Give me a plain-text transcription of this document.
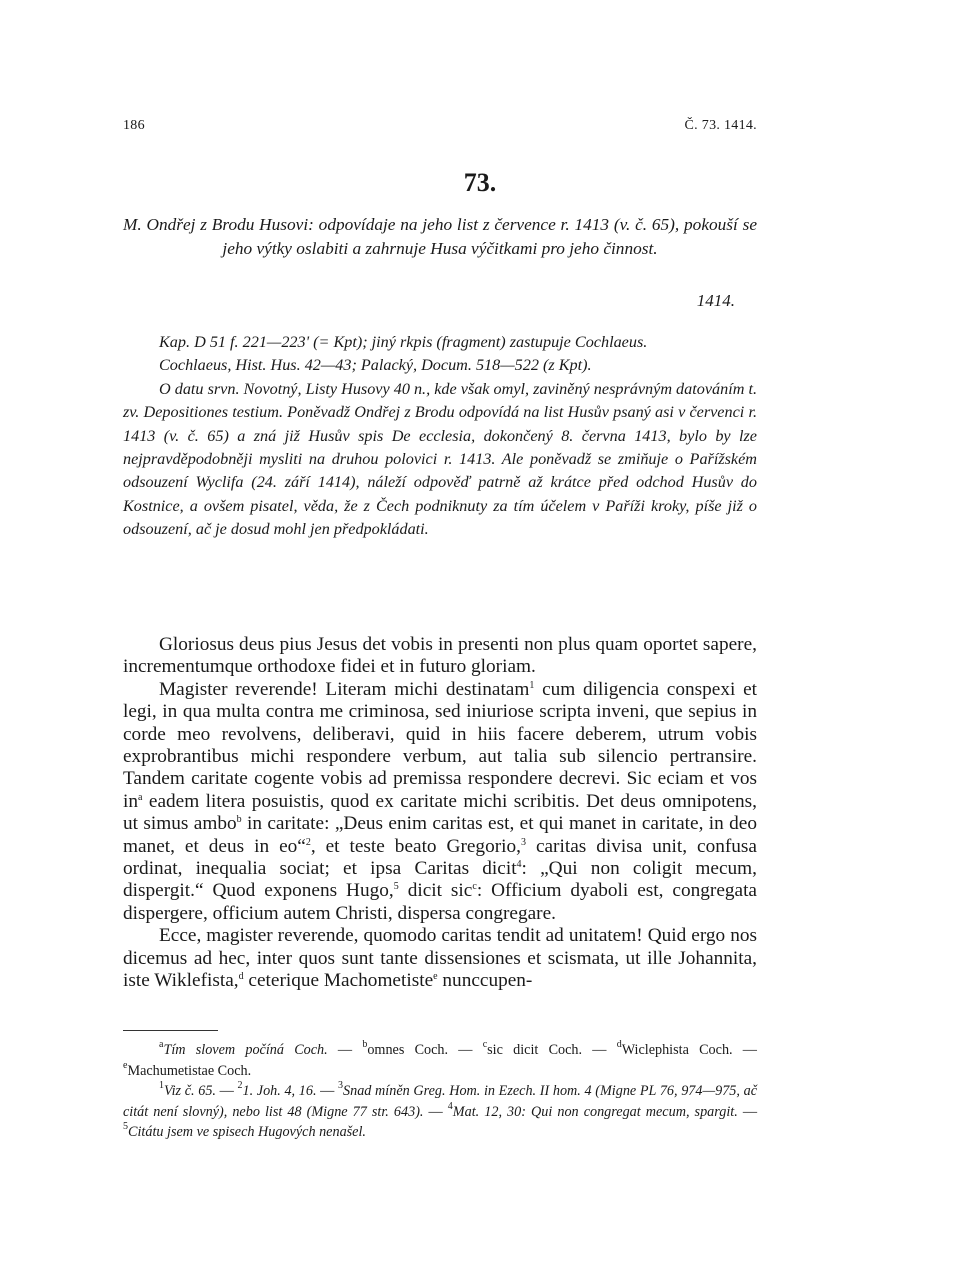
186	Č. 73. 1414.
73.
M. Ondřej z Brodu Husovi: odpovídaje na jeho list z července r. 1413 (v. č. 65), pokouší se jeho výtky oslabiti a zahrnuje Husa výčitkami pro jeho činnost.
1414.

Kap. D 51 f. 221—223' (= Kpt); jiný rkpis (fragment) zastupuje Cochlaeus.

Cochlaeus, Hist. Hus. 42—43; Palacký, Docum. 518—522 (z Kpt).

O datu srvn. Novotný, Listy Husovy 40 n., kde však omyl, zaviněný nesprávným datováním t. zv. Depositiones testium. Poněvadž Ondřej z Brodu odpovídá na list Husův psaný asi v červenci r. 1413 (v. č. 65) a zná již Husův spis De ecclesia, dokončený 8. června 1413, bylo by lze nejpravděpodobněji mysliti na druhou polovici r. 1413. Ale poněvadž se zmiňuje o Pařížském odsouzení Wyclifa (24. září 1414), náleží odpověď patrně až krátce před odchod Husův do Kostnice, a ovšem pisatel, věda, že z Čech podniknuty za tím účelem v Paříži kroky, píše již o odsouzení, ač je dosud mohl jen předpokládati.

Gloriosus deus pius Jesus det vobis in presenti non plus quam oportet sapere, incrementumque orthodoxe fidei et in futuro gloriam.

Magister reverende! Literam michi destinatam$^1$ cum diligencia conspexi et legi, in qua multa contra me criminosa, sed iniuriose scripta inveni, que sepius in corde meo revolvens, deliberavi, quid in hiis facere deberem, utrum vobis exprobrantibus michi respondere verbum, aut talia sub silencio pertransire. Tandem caritate cogente vobis ad premissa respondere decrevi. Sic eciam et vos $in^a$ eadem litera posuistis, quod ex caritate michi scribitis. Det deus omnipotens, ut simus ambo$^b$ in caritate: „Deus enim caritas est, et qui manet in caritate, in deo manet, et deus in eo“$^2$, et teste beato Gregorio,$^3$ caritas divisa unit, confusa ordinat, inequalia sociat; et ipsa Caritas dicit$^4$: „Qui non coligit mecum, dispergit.“ Quod exponens Hugo,$^5$ dicit sic$^c$: Officium dyaboli est, congregata dispergere, officium autem Christi, dispersa congregare.

Ecce, magister reverende, quomodo caritas tendit ad unitatem! Quid ergo nos dicemus ad hec, inter quos sunt tante dissensiones et scismata, ut ille Johannita, iste Wiklefista,$^d$ ceterique Machometiste$^e$ nunccupen-

$^a$Tím slovem počíná Coch. — $^b$omnes Coch. — $^c$sic dicit Coch. — $^d$Wiclephista Coch. — $^e$Machumetistae Coch.

$^1$Viz č. 65. — $^2$1. Joh. 4, 16. — $^3$Snad míněn Greg. Hom. in Ezech. II hom. 4 (Migne PL 76, 974—975, ač citát není slovný), nebo list 48 (Migne 77 str. 643). — $^4$Mat. 12, 30: Qui non congregat mecum, spargit. — $^5$Citátu jsem ve spisech Hugových nenašel.
